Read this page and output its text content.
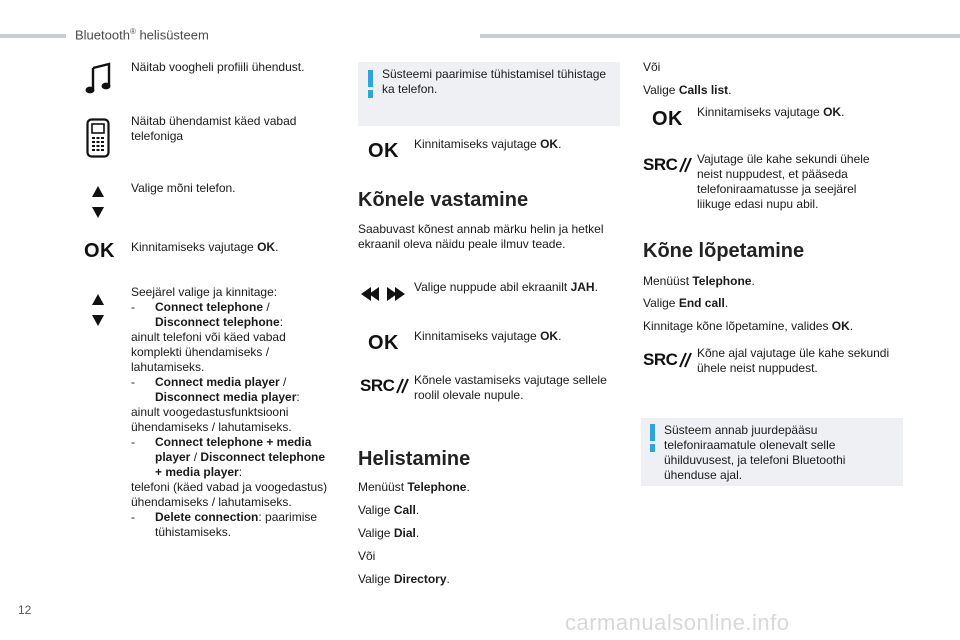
Bluetooth® helisüsteem
Näitab voogheli profiili ühendust.
Näitab ühendamist käed vabad telefoniga
Valige mõni telefon.
OK Kinnitamiseks vajutage OK.
Seejärel valige ja kinnitage:
-	Connect telephone / Disconnect telephone:
ainult telefoni või käed vabad komplekti ühendamiseks / lahutamiseks.
-	Connect media player / Disconnect media player:
ainult voogedastusfunktsiooni ühendamiseks / lahutamiseks.
-	Connect telephone + media player / Disconnect telephone + media player:
telefoni (käed vabad ja voogedastus) ühendamiseks / lahutamiseks.
-	Delete connection: paarimise tühistamiseks.
Süsteemi paarimise tühistamisel tühistage ka telefon.
OK Kinnitamiseks vajutage OK.
Kõnele vastamine
Saabuvast kõnest annab märku helin ja hetkel ekraanil oleva näidu peale ilmuv teade.
Valige nuppude abil ekraanilt JAH.
OK Kinnitamiseks vajutage OK.
SRC Kõnele vastamiseks vajutage sellele roolil olevale nupule.
Helistamine
Menüüst Telephone.
Valige Call.
Valige Dial.
Või
Valige Directory.
Või
Valige Calls list.
OK Kinnitamiseks vajutage OK.
SRC Vajutage üle kahe sekundi ühele neist nuppudest, et pääseda telefoniraamatusse ja seejärel liikuge edasi nupu abil.
Kõne lõpetamine
Menüüst Telephone.
Valige End call.
Kinnitage kõne lõpetamine, valides OK.
SRC Kõne ajal vajutage üle kahe sekundi ühele neist nuppudest.
Süsteem annab juurdepääsu telefoniraamatule olenevalt selle ühilduvusest, ja telefoni Bluetoothi ühenduse ajal.
12	carmanualsonline.info
